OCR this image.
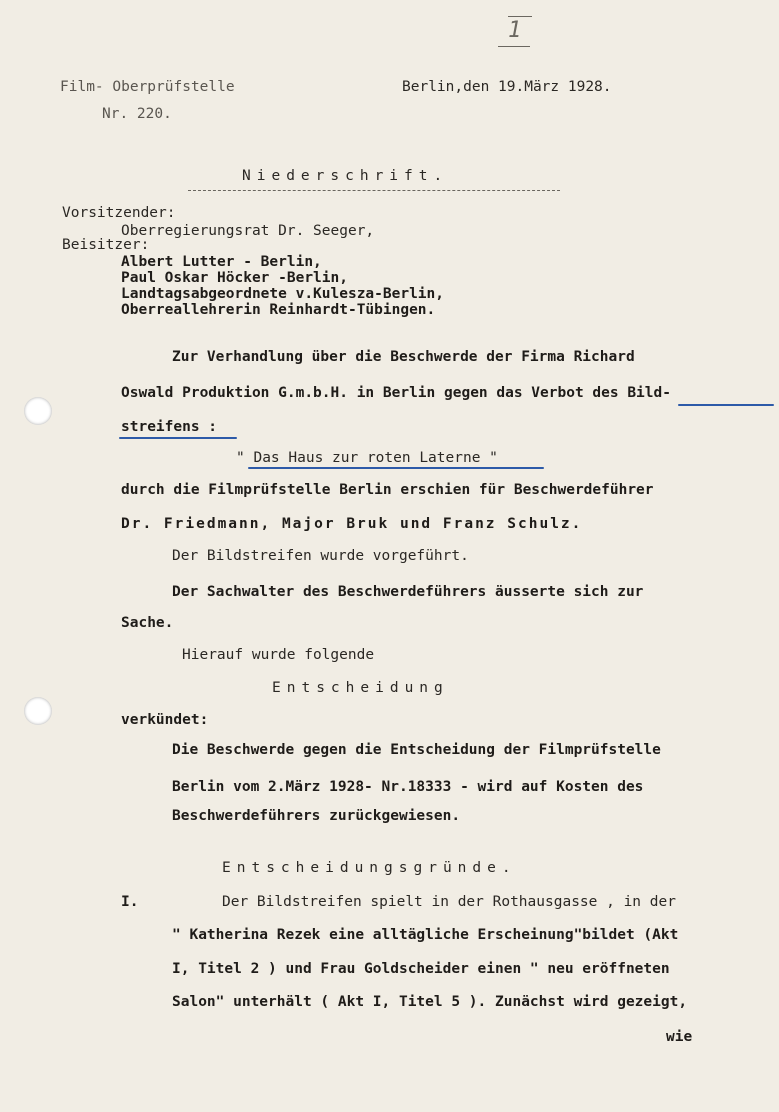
1
Film- Oberprüfstelle
Nr. 220.
Berlin,den 19.März 1928.
Niederschrift.
Vorsitzender:
Oberregierungsrat Dr. Seeger,
Beisitzer:
Albert Lutter - Berlin,
Paul Oskar Höcker -Berlin,
Landtagsabgeordnete v.Kulesza-Berlin,
Oberreallehrerin Reinhardt-Tübingen.
Zur Verhandlung über die Beschwerde der Firma Richard
Oswald Produktion G.m.b.H. in Berlin gegen das Verbot des Bild-
streifens :
" Das Haus zur roten Laterne "
durch die Filmprüfstelle Berlin erschien für Beschwerdeführer
Dr. Friedmann, Major Bruk und Franz Schulz.
Der Bildstreifen wurde vorgeführt.
Der Sachwalter des Beschwerdeführers äusserte sich zur
Sache.
Hierauf wurde folgende
Entscheidung
verkündet:
Die Beschwerde gegen die Entscheidung der Filmprüfstelle
Berlin vom 2.März 1928- Nr.18333 - wird auf Kosten des
Beschwerdeführers zurückgewiesen.
Entscheidungsgründe.
I.	Der Bildstreifen spielt in der Rothausgasse , in der
" Katherina Rezek eine alltägliche Erscheinung"bildet (Akt
I, Titel 2 ) und Frau Goldscheider einen " neu eröffneten
Salon" unterhält ( Akt I, Titel 5 ). Zunächst wird gezeigt,
wie
